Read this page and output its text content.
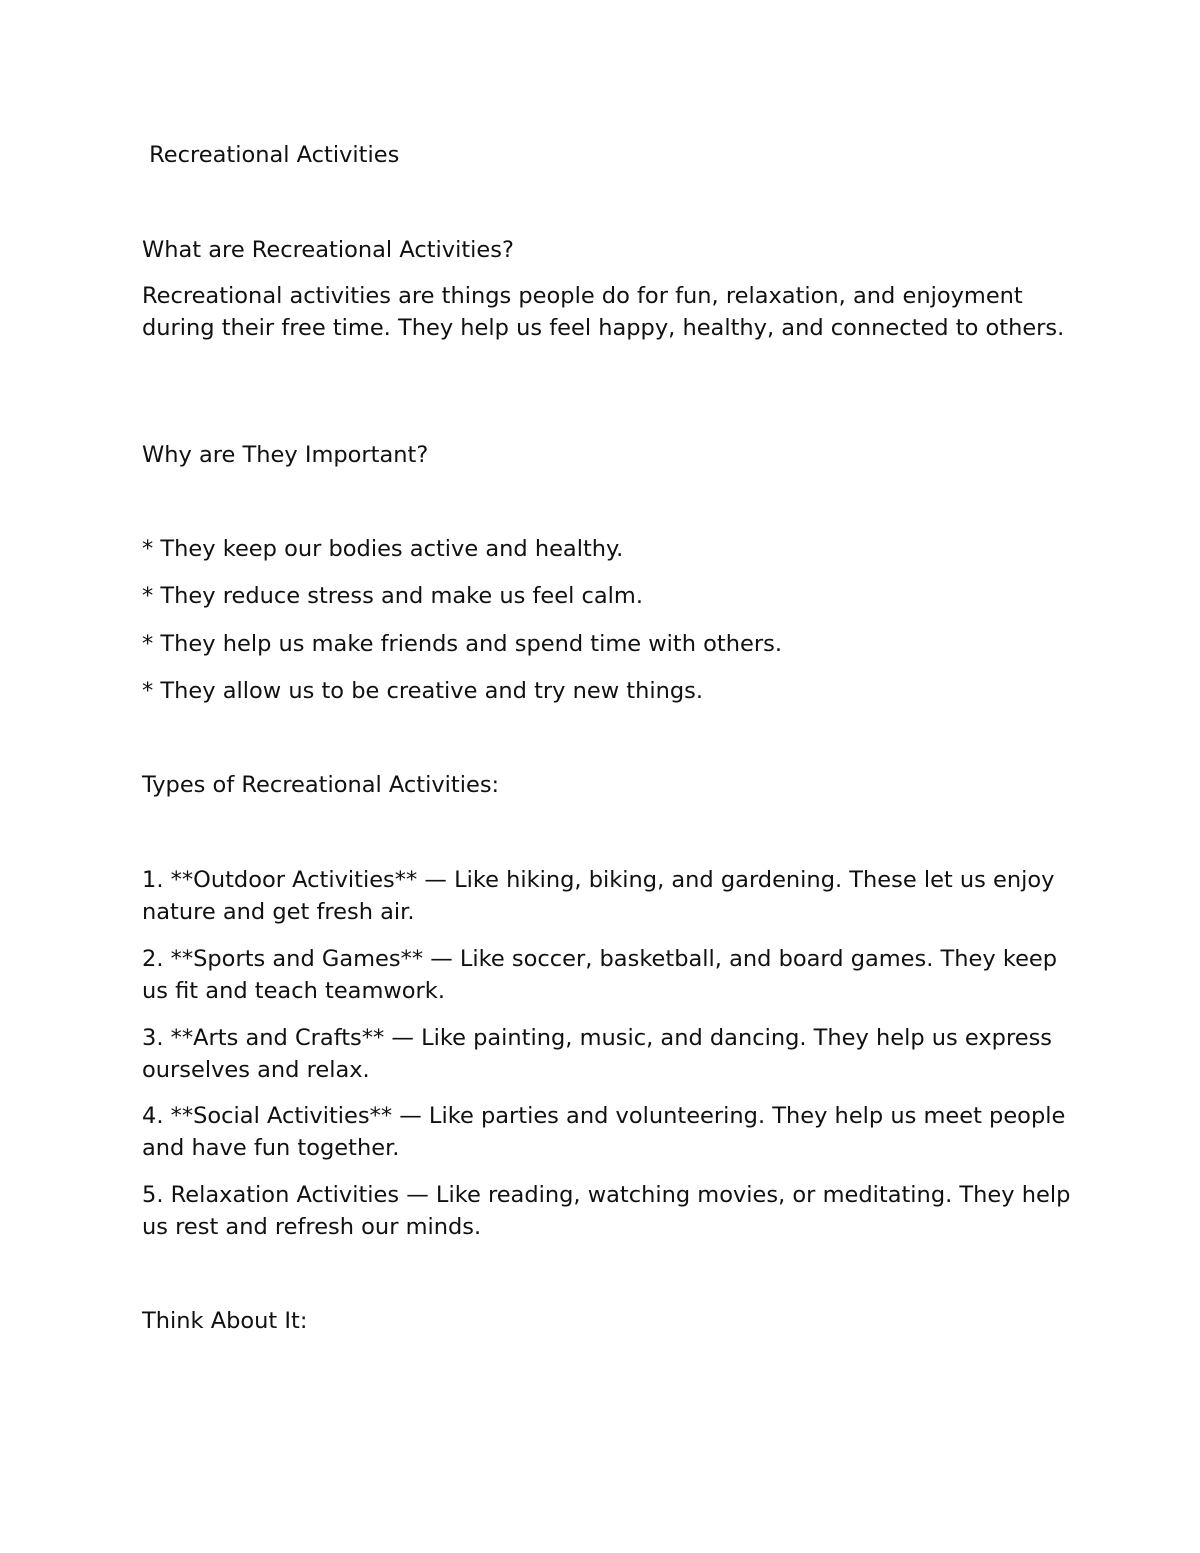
Recreational Activities
What are Recreational Activities?

Recreational activities are things people do for fun, relaxation, and enjoyment during their free time. They help us feel happy, healthy, and connected to others.

Why are They Important?

* They keep our bodies active and healthy.

* They reduce stress and make us feel calm.

* They help us make friends and spend time with others.

* They allow us to be creative and try new things.

Types of Recreational Activities:

1. **Outdoor Activities** — Like hiking, biking, and gardening. These let us enjoy nature and get fresh air.

2. **Sports and Games** — Like soccer, basketball, and board games. They keep us fit and teach teamwork.

3. **Arts and Crafts** — Like painting, music, and dancing. They help us express ourselves and relax.

4. **Social Activities** — Like parties and volunteering. They help us meet people and have fun together.

5. Relaxation Activities — Like reading, watching movies, or meditating. They help us rest and refresh our minds.

Think About It:
